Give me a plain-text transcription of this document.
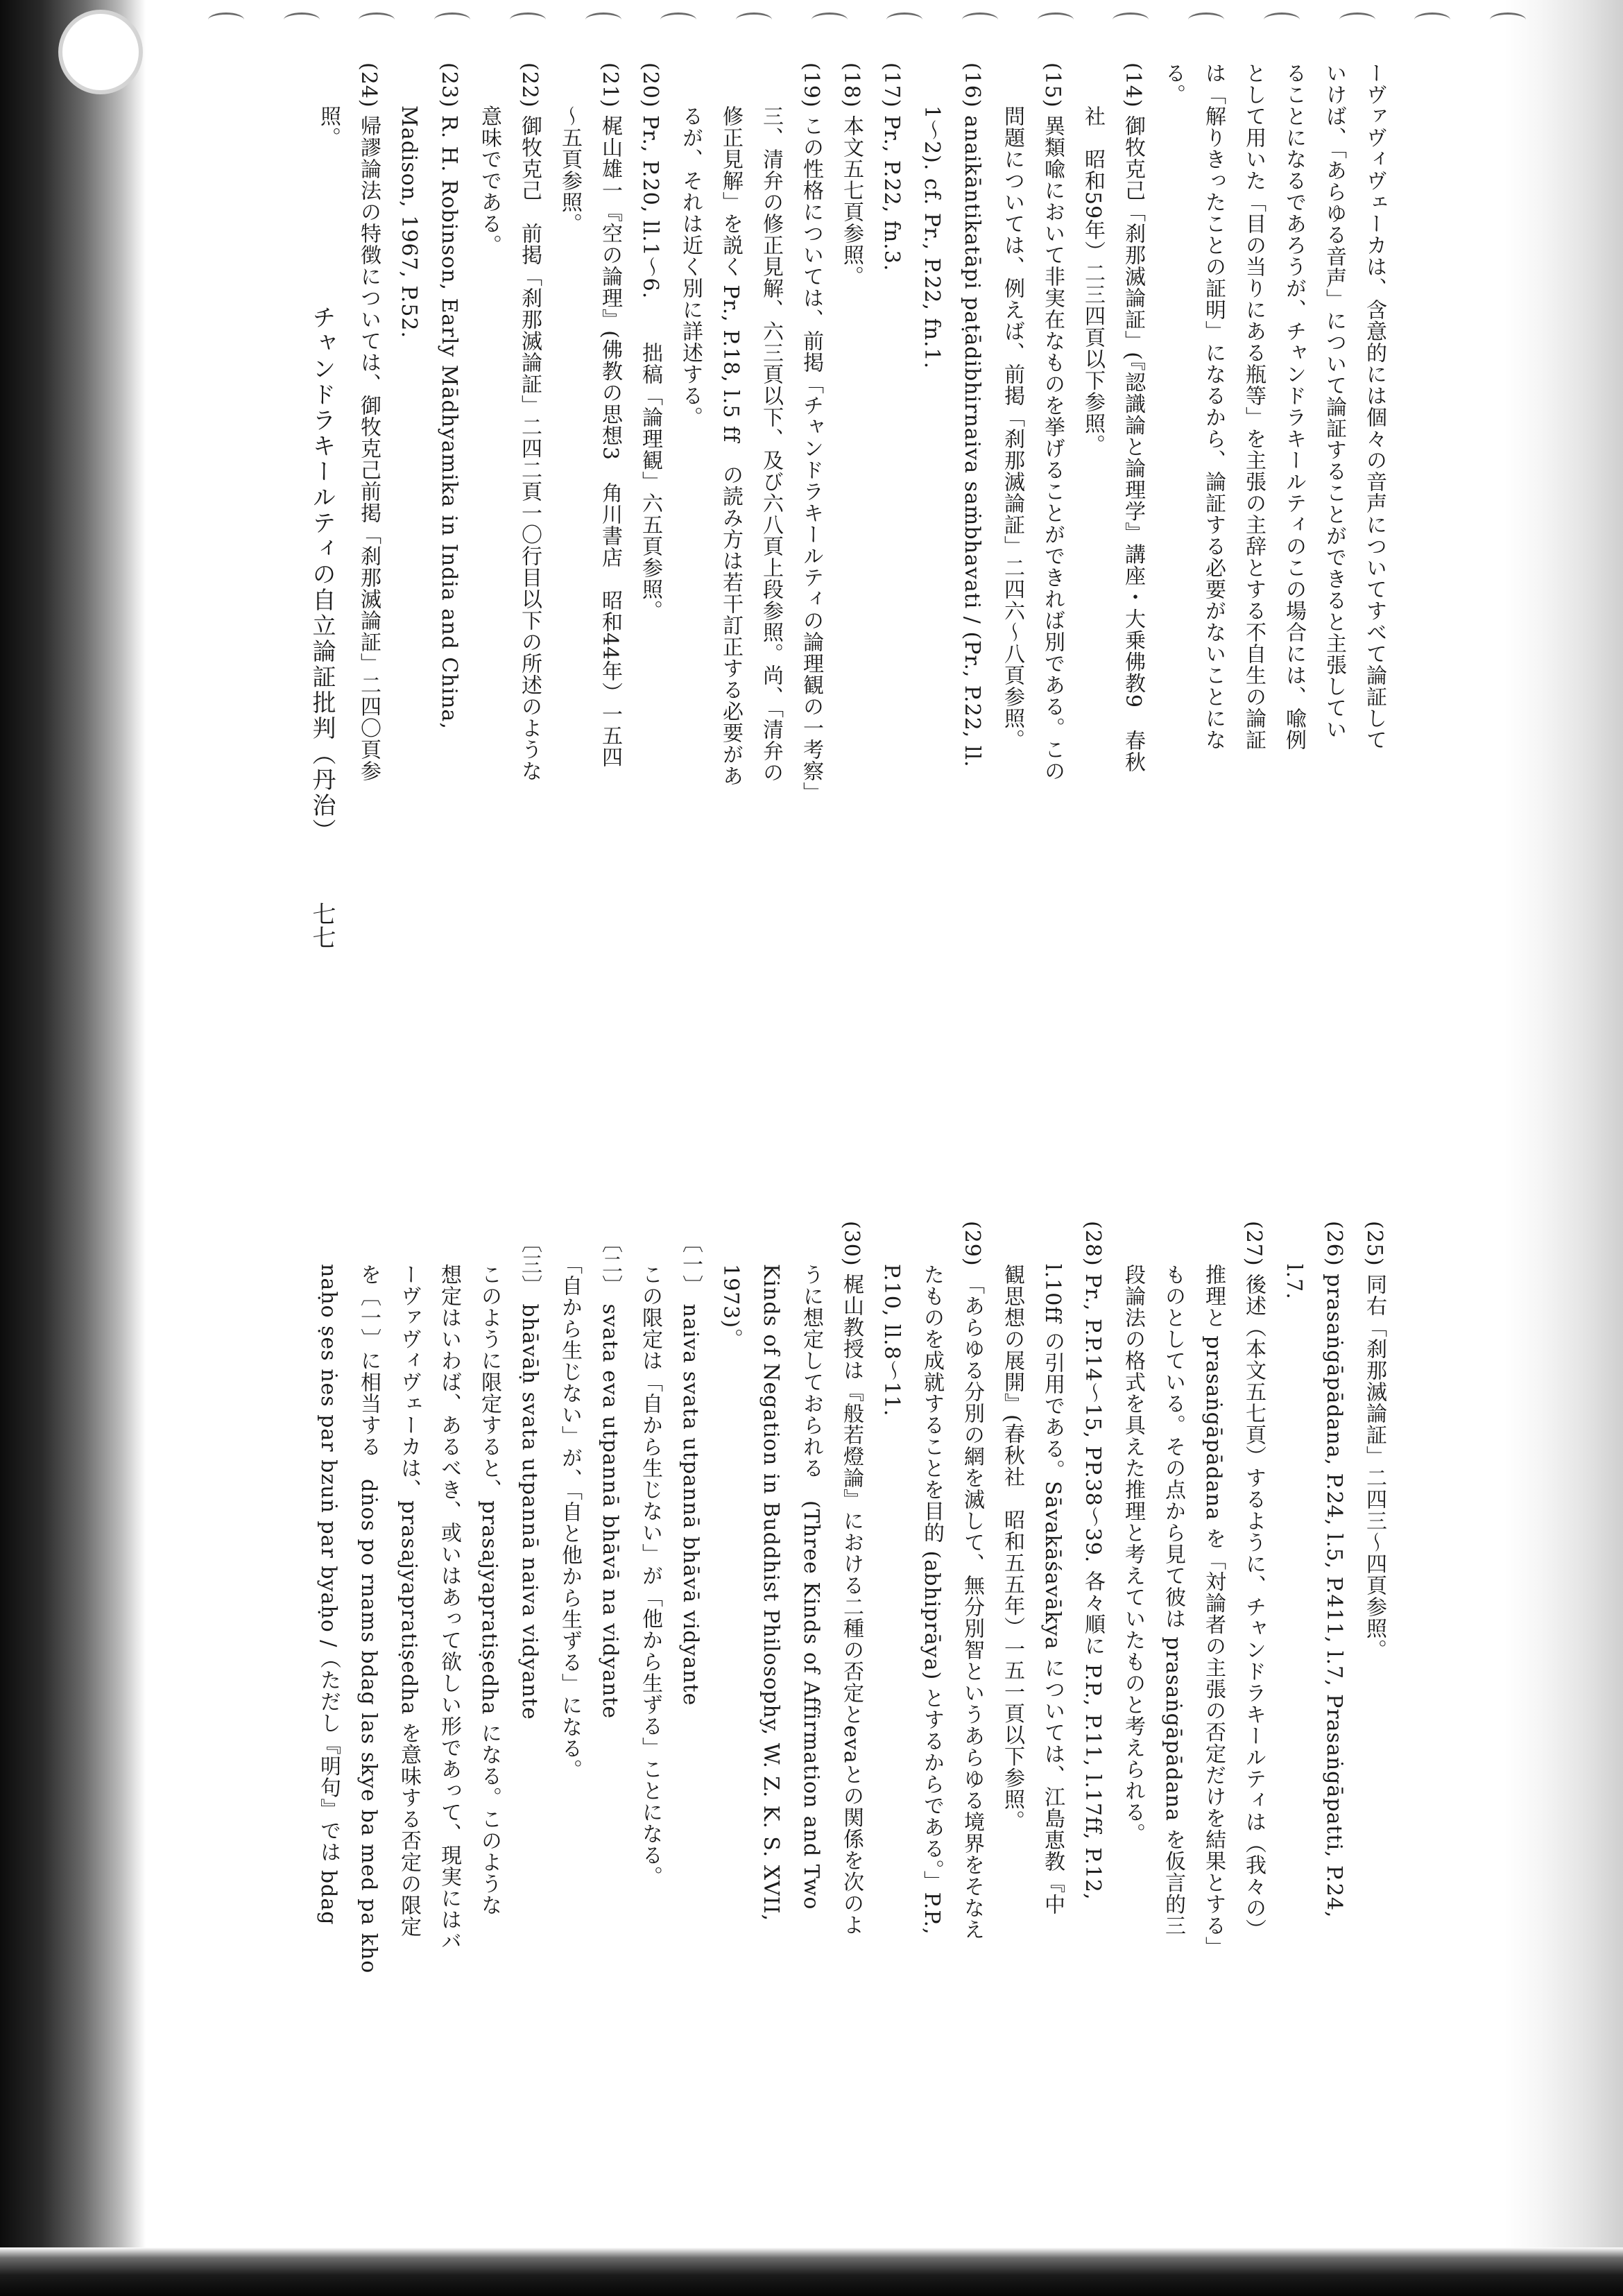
チャンドラキールティの自立論証批判（丹治）
七七
ーヴァヴィヴェーカは、含意的には個々の音声についてすべて論証して
いけば、「あらゆる音声」について論証することができると主張してい
ることになるであろうが、チャンドラキールティのこの場合には、喩例
として用いた「目の当りにある瓶等」を主張の主辞とする不自生の論証
は「解りきったことの証明」になるから、論証する必要がないことにな
る。
(14) 御牧克己「刹那滅論証」(『認識論と論理学』講座・大乗佛教9　春秋
　　社　昭和59年）二三四頁以下参照。
(15) 異類喩において非実在なものを挙げることができれば別である。この
　　問題については、例えば、前掲「刹那滅論証」二四六～八頁参照。
(16) anaikāntikatāpi paṭādibhirnaiva saṁbhavati / (Pr., P.22, ll.
　　1～2). cf. Pr., P.22, fn.1.
(17) Pr., P.22, fn.3.
(18) 本文五七頁参照。
(19) この性格については、前掲「チャンドラキールティの論理観の一考察」
　　三、清弁の修正見解、六三頁以下、及び六八頁上段参照。尚、「清弁の
　　修正見解」を説く Pr., P.18, l.5 ff　の読み方は若干訂正する必要があ
　　るが、それは近く別に詳述する。
(20) Pr., P.20, ll.1～6.　　拙稿「論理観」六五頁参照。
(21) 梶山雄一『空の論理』(佛教の思想3　角川書店　昭和44年）一五四
　　～五頁参照。
(22) 御牧克己　前掲「刹那滅論証」二四二頁一〇行目以下の所述のような
　　意味でである。
(23) R. H. Robinson, Early Mādhyamika in India and China,
　　Madison, 1967, P.52.
(24) 帰謬論法の特徴については、御牧克己前掲「刹那滅論証」二四〇頁参
　　照。
(25) 同右「刹那滅論証」二四三～四頁参照。
(26) prasaṅgāpādana, P.24, l.5, P.411, l.7, Prasaṅgāpatti, P.24,
　　l.7.
(27) 後述（本文五七頁）するように、チャンドラキールティは（我々の）
　　推理と prasaṅgāpādana を「対論者の主張の否定だけを結果とする」
　　ものとしている。その点から見て彼は prasaṅgāpādana を仮言的三
　　段論法の格式を具えた推理と考えていたものと考えられる。
(28) Pr., P.P.14～15, PP.38～39. 各々順に P.P., P.11, l.17ff, P.12,
　　l.10ff の引用である。Sāvakāśavākya については、江島恵教『中
　　観思想の展開』(春秋社　昭和五五年）一五一頁以下参照。
(29) 「あらゆる分別の網を滅して、無分別智というあらゆる境界をそなえ
　　たものを成就することを目的 (abhiprāya) とするからである。」P.P.,
　　P.10, ll.8～11.
(30) 梶山教授は『般若燈論』における二種の否定とevaとの関係を次のよ
　　うに想定しておられる　(Three Kinds of Affirmation and Two
　　Kinds of Negation in Buddhist Philosophy, W. Z. K. S. XVII,
　　1973)。
　〔一〕 naiva svata utpannā bhāvā vidyante
　　この限定は「自から生じない」が「他から生ずる」ことになる。
　〔二〕 svata eva utpannā bhāvā na vidyante
　　「自から生じない」が、「自と他から生ずる」になる。
　〔三〕 bhāvāḥ svata utpannā naiva vidyante
　　このように限定すると、prasajyapratiṣedha になる。このような
　　想定はいわば、あるべき、或いはあって欲しい形であって、現実にはバ
　　ーヴァヴィヴェーカは、prasajyapratiṣedha を意味する否定の限定
　　を〔一〕に相当する　dṅos po rnams bdag las skye ba med pa kho
　　naḥo ṣes ṅes par bzuṅ par byaḥo /（ただし『明句』では bdag
